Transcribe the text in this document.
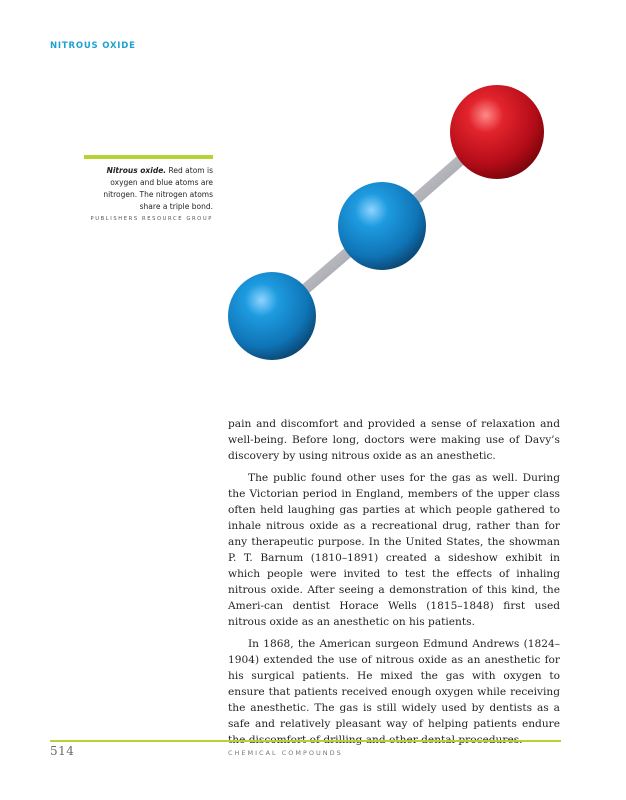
NITROUS OXIDE
Nitrous oxide. Red atom is oxygen and blue atoms are nitrogen. The nitrogen atoms share a triple bond.
PUBLISHERS RESOURCE GROUP

pain and discomfort and provided a sense of relaxation and well-being. Before long, doctors were making use of Davy’s discovery by using nitrous oxide as an anesthetic.

The public found other uses for the gas as well. During the Victorian period in England, members of the upper class often held laughing gas parties at which people gathered to inhale nitrous oxide as a recreational drug, rather than for any therapeutic purpose. In the United States, the showman P. T. Barnum (1810–1891) created a sideshow exhibit in which people were invited to test the effects of inhaling nitrous oxide. After seeing a demonstration of this kind, the Ameri-can dentist Horace Wells (1815–1848) first used nitrous oxide as an anesthetic on his patients.

In 1868, the American surgeon Edmund Andrews (1824–1904) extended the use of nitrous oxide as an anesthetic for his surgical patients. He mixed the gas with oxygen to ensure that patients received enough oxygen while receiving the anesthetic. The gas is still widely used by dentists as a safe and relatively pleasant way of helping patients endure

514	CHEMICAL COMPOUNDS
